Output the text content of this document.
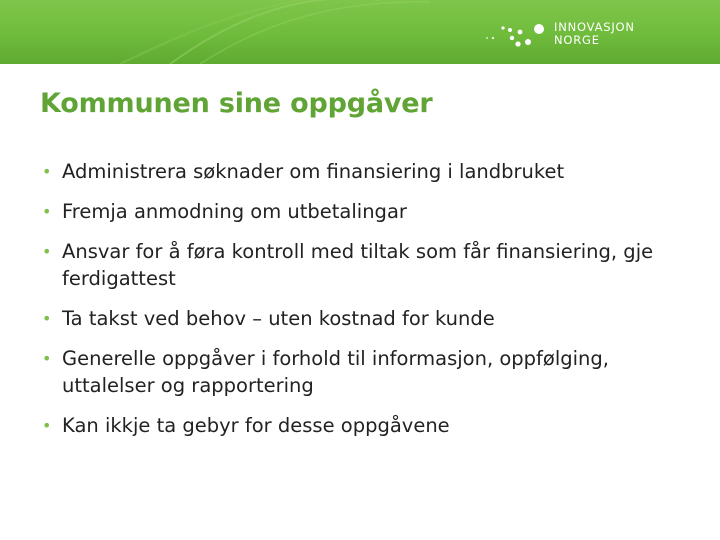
INNOVASJON
NORGE
Kommunen sine oppgåver
• Administrera søknader om finansiering i landbruket
• Fremja anmodning om utbetalingar
• Ansvar for å føra kontroll med tiltak som får finansiering, gje ferdigattest
• Ta takst ved behov – uten kostnad for kunde
• Generelle oppgåver i forhold til informasjon, oppfølging, uttalelser og rapportering
• Kan ikkje ta gebyr for desse oppgåvene
